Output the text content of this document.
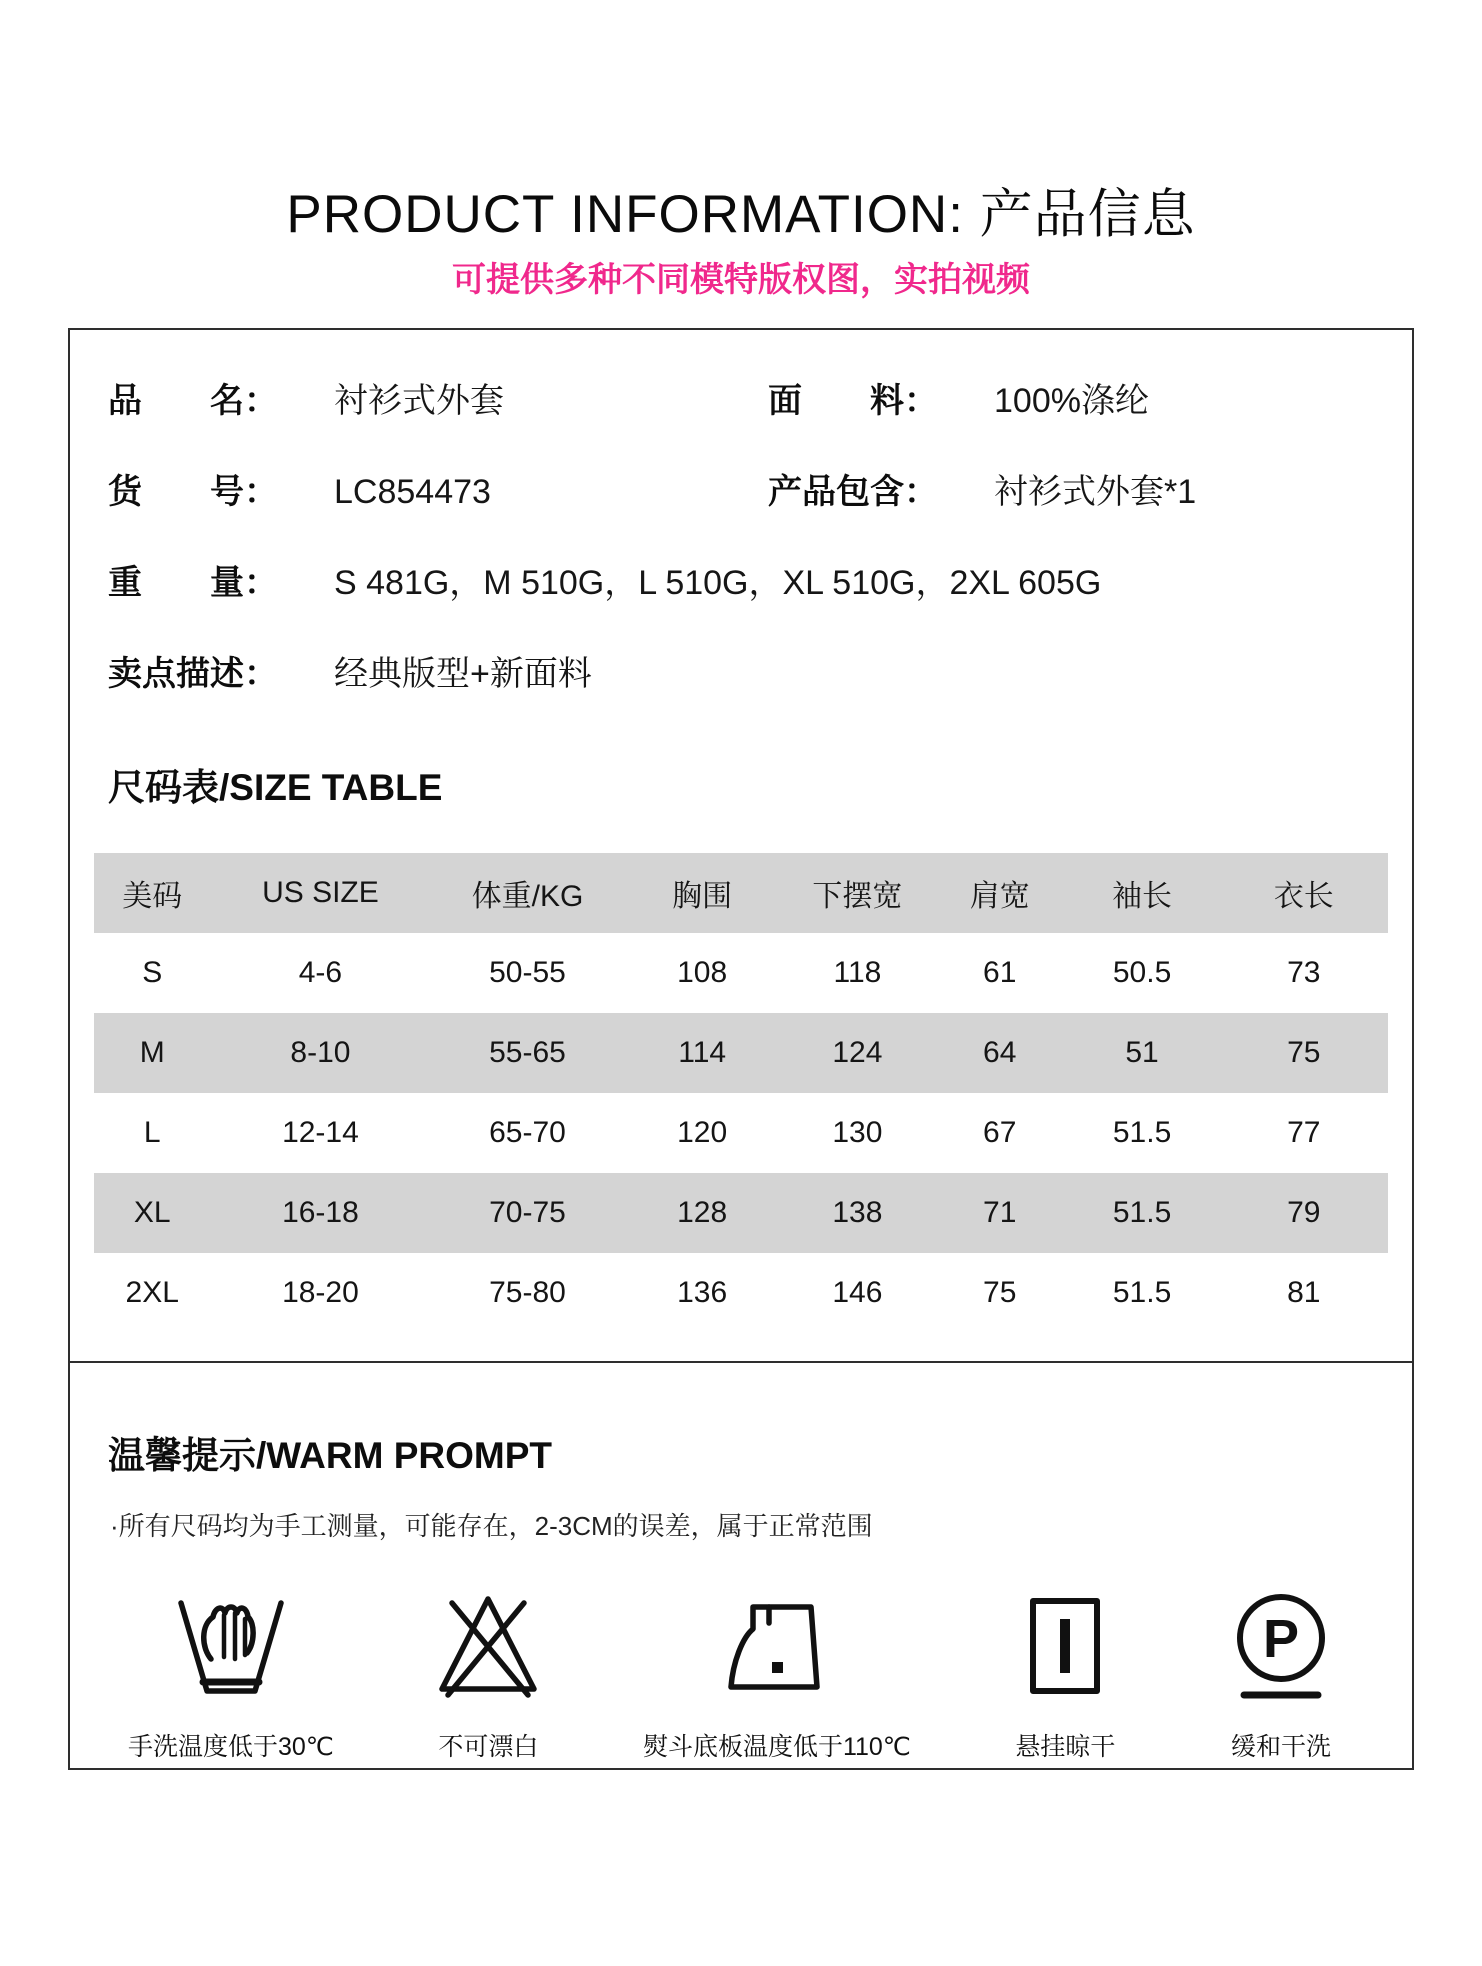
PRODUCT INFORMATION: 产品信息
可提供多种不同模特版权图，实拍视频
品　　名： 衬衫式外套	面　　料： 100%涤纶
货　　号： LC854473	产品包含： 衬衫式外套*1
重　　量： S 481G，M 510G，L 510G，XL 510G，2XL 605G
卖点描述： 经典版型+新面料
尺码表/SIZE TABLE
美码	US SIZE	体重/KG	胸围	下摆宽	肩宽	袖长	衣长
S	4-6	50-55	108	118	61	50.5	73
M	8-10	55-65	114	124	64	51	75
L	12-14	65-70	120	130	67	51.5	77
XL	16-18	70-75	128	138	71	51.5	79
2XL	18-20	75-80	136	146	75	51.5	81
温馨提示/WARM PROMPT
·所有尺码均为手工测量，可能存在，2-3CM的误差，属于正常范围
手洗温度低于30℃	不可漂白	熨斗底板温度低于110℃	悬挂晾干
P
缓和干洗
